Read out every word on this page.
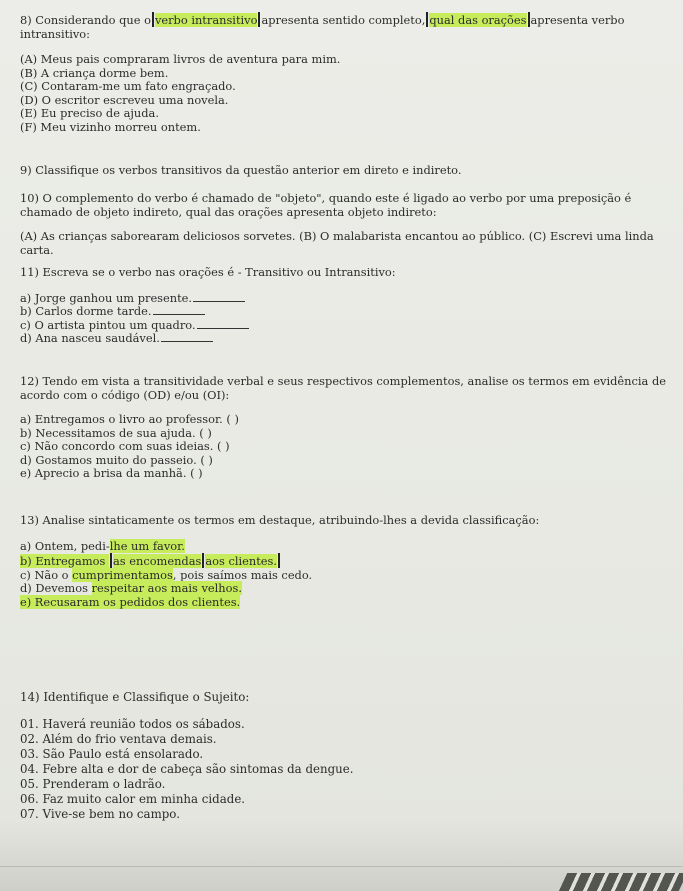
8) Considerando que o verbo intransitivo apresenta sentido completo, qual das orações apresenta verbo
intransitivo:
(A) Meus pais compraram livros de aventura para mim.
(B) A criança dorme bem.
(C) Contaram-me um fato engraçado.
(D) O escritor escreveu uma novela.
(E) Eu preciso de ajuda.
(F) Meu vizinho morreu ontem.
9) Classifique os verbos transitivos da questão anterior em direto e indireto.
10) O complemento do verbo é chamado de "objeto", quando este é ligado ao verbo por uma preposição é
chamado de objeto indireto, qual das orações apresenta objeto indireto:
(A) As crianças saborearam deliciosos sorvetes. (B) O malabarista encantou ao público. (C) Escrevi uma linda
carta.
11) Escreva se o verbo nas orações é - Transitivo ou Intransitivo:
a) Jorge ganhou um presente.
b) Carlos dorme tarde.
c) O artista pintou um quadro.
d) Ana nasceu saudável.
12) Tendo em vista a transitividade verbal e seus respectivos complementos, analise os termos em evidência de
acordo com o código (OD) e/ou (OI):
a) Entregamos o livro ao professor. ( )
b) Necessitamos de sua ajuda. ( )
c) Não concordo com suas ideias. ( )
d) Gostamos muito do passeio. ( )
e) Aprecio a brisa da manhã. ( )
13) Analise sintaticamente os termos em destaque, atribuindo-lhes a devida classificação:
a) Ontem, pedi-lhe um favor.
b) Entregamos as encomendas aos clientes.
c) Não o cumprimentamos, pois saímos mais cedo.
d) Devemos respeitar aos mais velhos.
e) Recusaram os pedidos dos clientes.
14) Identifique e Classifique o Sujeito:
01. Haverá reunião todos os sábados.
02. Além do frio ventava demais.
03. São Paulo está ensolarado.
04. Febre alta e dor de cabeça são sintomas da dengue.
05. Prenderam o ladrão.
06. Faz muito calor em minha cidade.
07. Vive-se bem no campo.
